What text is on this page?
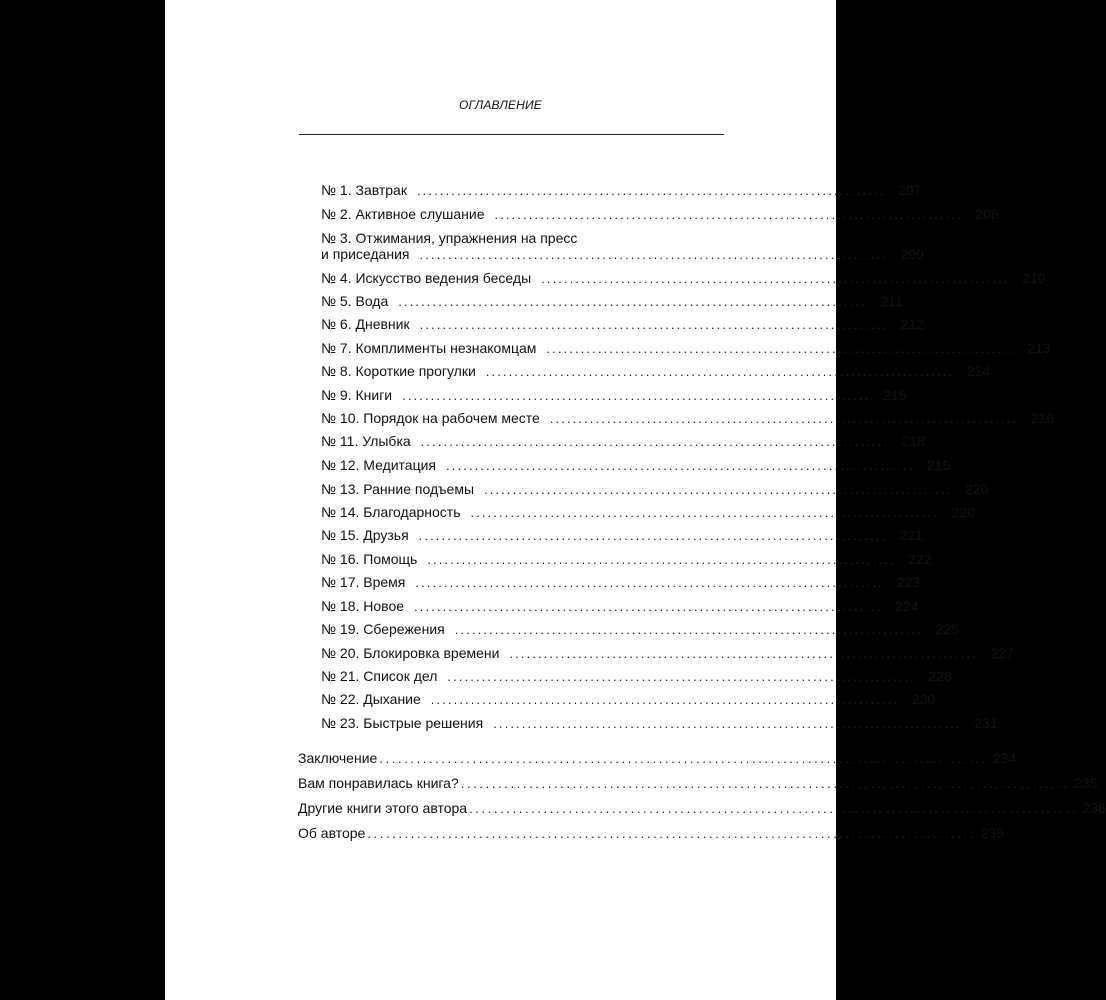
ОГЛАВЛЕНИЕ
№ 1.
Завтрак .................................................................................. 207
№ 2.
Активное слушание .................................................................................. 208
№ 3. Отжимания, упражнения на пресс
и приседания .................................................................................. 209
№ 4.
Искусство ведения беседы .................................................................................. 210
№ 5.
Вода .................................................................................. 211
№ 6.
Дневник .................................................................................. 212
№ 7.
Комплименты незнакомцам .................................................................................. 213
№ 8.
Короткие прогулки .................................................................................. 214
№ 9.
Книги .................................................................................. 215
№ 10.
Порядок на рабочем месте .................................................................................. 216
№ 11.
Улыбка .................................................................................. 218
№ 12.
Медитация .................................................................................. 219
№ 13.
Ранние подъемы .................................................................................. 220
№ 14.
Благодарность .................................................................................. 220
№ 15.
Друзья .................................................................................. 221
№ 16.
Помощь .................................................................................. 222
№ 17.
Время .................................................................................. 223
№ 18.
Новое .................................................................................. 224
№ 19.
Сбережения .................................................................................. 225
№ 20.
Блокировка времени .................................................................................. 227
№ 21.
Список дел .................................................................................. 228
№ 22.
Дыхание .................................................................................. 230
№ 23.
Быстрые решения .................................................................................. 231
Заключение .................................................................................................. 234
Вам понравилась книга? .................................................................................................. 235
Другие книги этого автора .................................................................................................. 236
Об авторе .................................................................................................. 239
